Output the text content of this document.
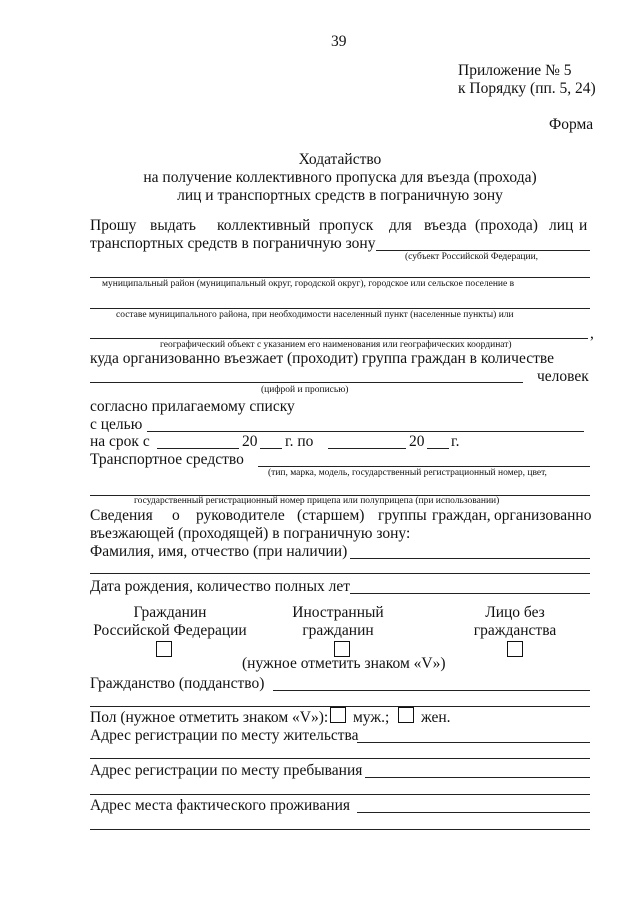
39
Приложение № 5
к Порядку (пп. 5, 24)
Форма
Ходатайство
на получение коллективного пропуска для въезда (прохода)
лиц и транспортных средств в пограничную зону
Прошу выдать коллективный пропуск для въезда (прохода) лиц и
транспортных средств в пограничную зону
(субъект Российской Федерации,
муниципальный район (муниципальный округ, городской округ), городское или сельское поселение в
составе муниципального района, при необходимости населенный пункт (населенные пункты) или
,
географический объект с указанием его наименования или географических координат)
куда организованно въезжает (проходит) группа граждан в количестве
человек
(цифрой и прописью)
согласно прилагаемому списку
с целью
на срок с	20 г. по	20 г.
Транспортное средство
(тип, марка, модель, государственный регистрационный номер, цвет,
государственный регистрационный номер прицепа или полуприцепа (при использовании)
Сведения о руководителе (старшем) группы граждан, организованно
въезжающей (проходящей) в пограничную зону:
Фамилия, имя, отчество (при наличии)
Дата рождения, количество полных лет
Гражданин
Российской Федерации
Иностранный
гражданин
Лицо без
гражданства
(нужное отметить знаком «V»)
Гражданство (подданство)
Пол (нужное отметить знаком «V»): муж.; жен.
Адрес регистрации по месту жительства
Адрес регистрации по месту пребывания
Адрес места фактического проживания
